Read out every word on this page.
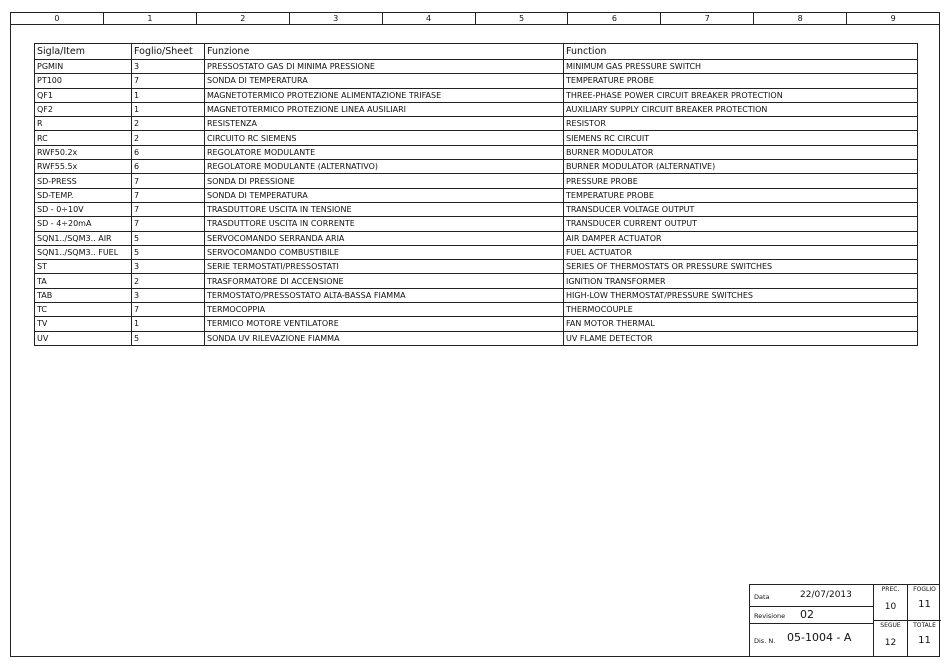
0	1	2	3	4	5	6	7	8	9
Sigla/Item	Foglio/Sheet	Funzione	Function
PGMIN	3	PRESSOSTATO GAS DI MINIMA PRESSIONE	MINIMUM GAS PRESSURE SWITCH
PT100	7	SONDA DI TEMPERATURA	TEMPERATURE PROBE
QF1	1	MAGNETOTERMICO PROTEZIONE ALIMENTAZIONE TRIFASE	THREE-PHASE POWER CIRCUIT BREAKER PROTECTION
QF2	1	MAGNETOTERMICO PROTEZIONE LINEA AUSILIARI	AUXILIARY SUPPLY CIRCUIT BREAKER PROTECTION
R	2	RESISTENZA	RESISTOR
RC	2	CIRCUITO RC SIEMENS	SIEMENS RC CIRCUIT
RWF50.2x	6	REGOLATORE MODULANTE	BURNER MODULATOR
RWF55.5x	6	REGOLATORE MODULANTE (ALTERNATIVO)	BURNER MODULATOR (ALTERNATIVE)
SD-PRESS	7	SONDA DI PRESSIONE	PRESSURE PROBE
SD-TEMP.	7	SONDA DI TEMPERATURA	TEMPERATURE PROBE
SD - 0÷10V	7	TRASDUTTORE USCITA IN TENSIONE	TRANSDUCER VOLTAGE OUTPUT
SD - 4÷20mA	7	TRASDUTTORE USCITA IN CORRENTE	TRANSDUCER CURRENT OUTPUT
SQN1../SQM3.. AIR	5	SERVOCOMANDO SERRANDA ARIA	AIR DAMPER ACTUATOR
SQN1../SQM3.. FUEL	5	SERVOCOMANDO COMBUSTIBILE	FUEL ACTUATOR
ST	3	SERIE TERMOSTATI/PRESSOSTATI	SERIES OF THERMOSTATS OR PRESSURE SWITCHES
TA	2	TRASFORMATORE DI ACCENSIONE	IGNITION TRANSFORMER
TAB	3	TERMOSTATO/PRESSOSTATO ALTA-BASSA FIAMMA	HIGH-LOW THERMOSTAT/PRESSURE SWITCHES
TC	7	TERMOCOPPIA	THERMOCOUPLE
TV	1	TERMICO MOTORE VENTILATORE	FAN MOTOR THERMAL
UV	5	SONDA UV RILEVAZIONE FIAMMA	UV FLAME DETECTOR
Data	22/07/2013
Revisione 02
Dis. N. 05-1004 - A
PREC.
10
FOGLIO
11
SEGUE
12
TOTALE
11
